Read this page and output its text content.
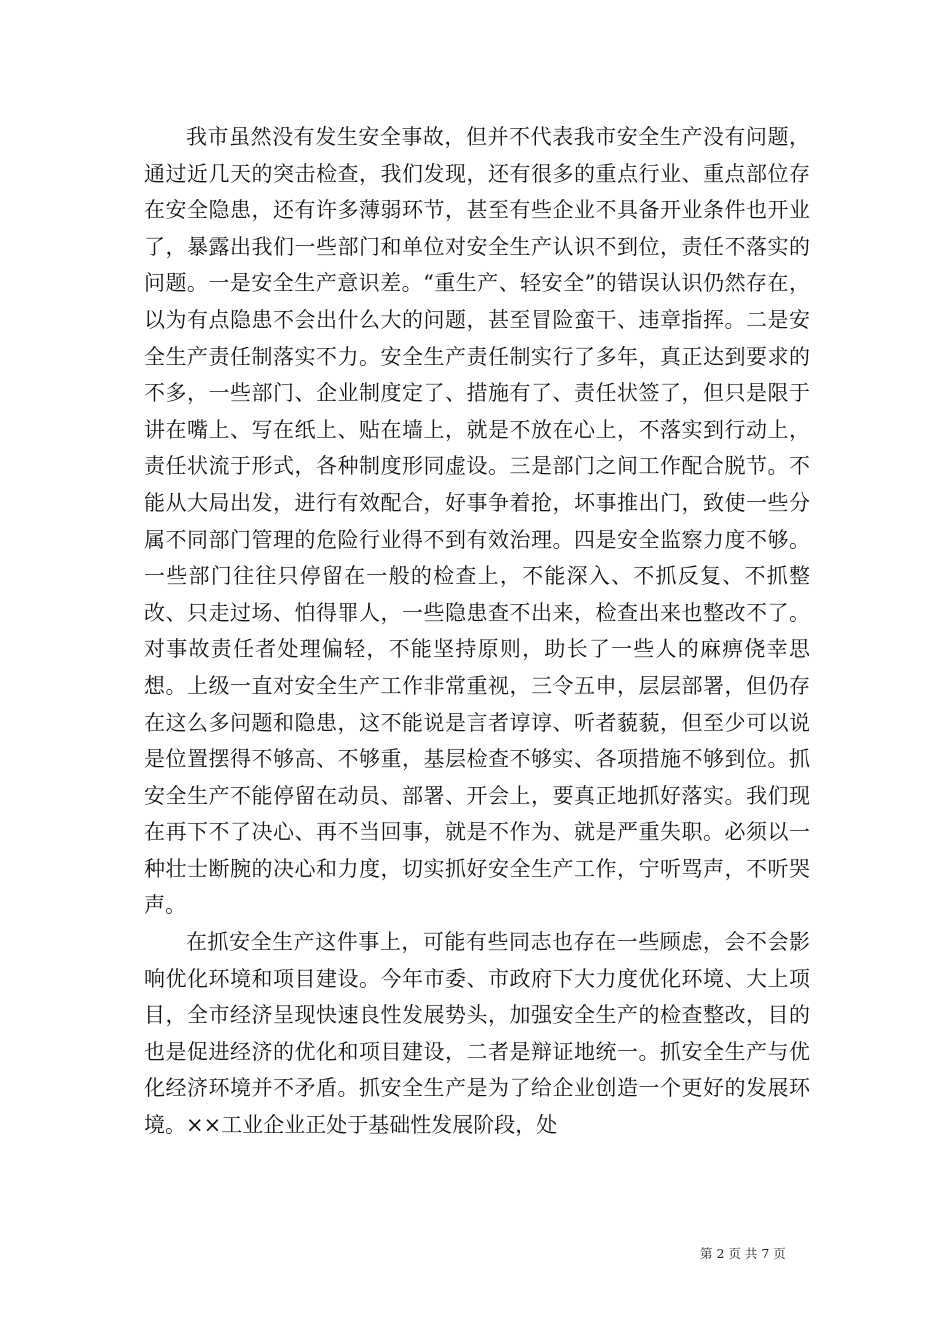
我市虽然没有发生安全事故，但并不代表我市安全生产没有问题，通过近几天的突击检查，我们发现，还有很多的重点行业、重点部位存在安全隐患，还有许多薄弱环节，甚至有些企业不具备开业条件也开业了，暴露出我们一些部门和单位对安全生产认识不到位，责任不落实的问题。一是安全生产意识差。“重生产、轻安全”的错误认识仍然存在，以为有点隐患不会出什么大的问题，甚至冒险蛮干、违章指挥。二是安全生产责任制落实不力。安全生产责任制实行了多年，真正达到要求的不多，一些部门、企业制度定了、措施有了、责任状签了，但只是限于讲在嘴上、写在纸上、贴在墙上，就是不放在心上，不落实到行动上，责任状流于形式，各种制度形同虚设。三是部门之间工作配合脱节。不能从大局出发，进行有效配合，好事争着抢，坏事推出门，致使一些分属不同部门管理的危险行业得不到有效治理。四是安全监察力度不够。一些部门往往只停留在一般的检查上，不能深入、不抓反复、不抓整改、只走过场、怕得罪人，一些隐患查不出来，检查出来也整改不了。对事故责任者处理偏轻，不能坚持原则，助长了一些人的麻痹侥幸思想。上级一直对安全生产工作非常重视，三令五申，层层部署，但仍存在这么多问题和隐患，这不能说是言者谆谆、听者藐藐，但至少可以说是位置摆得不够高、不够重，基层检查不够实、各项措施不够到位。抓安全生产不能停留在动员、部署、开会上，要真正地抓好落实。我们现在再下不了决心、再不当回事，就是不作为、就是严重失职。必须以一种壮士断腕的决心和力度，切实抓好安全生产工作，宁听骂声，不听哭声。

在抓安全生产这件事上，可能有些同志也存在一些顾虑，会不会影响优化环境和项目建设。今年市委、市政府下大力度优化环境、大上项目，全市经济呈现快速良性发展势头，加强安全生产的检查整改，目的也是促进经济的优化和项目建设，二者是辩证地统一。抓安全生产与优化经济环境并不矛盾。抓安全生产是为了给企业创造一个更好的发展环境。××工业企业正处于基础性发展阶段，处

第 2 页 共 7 页
